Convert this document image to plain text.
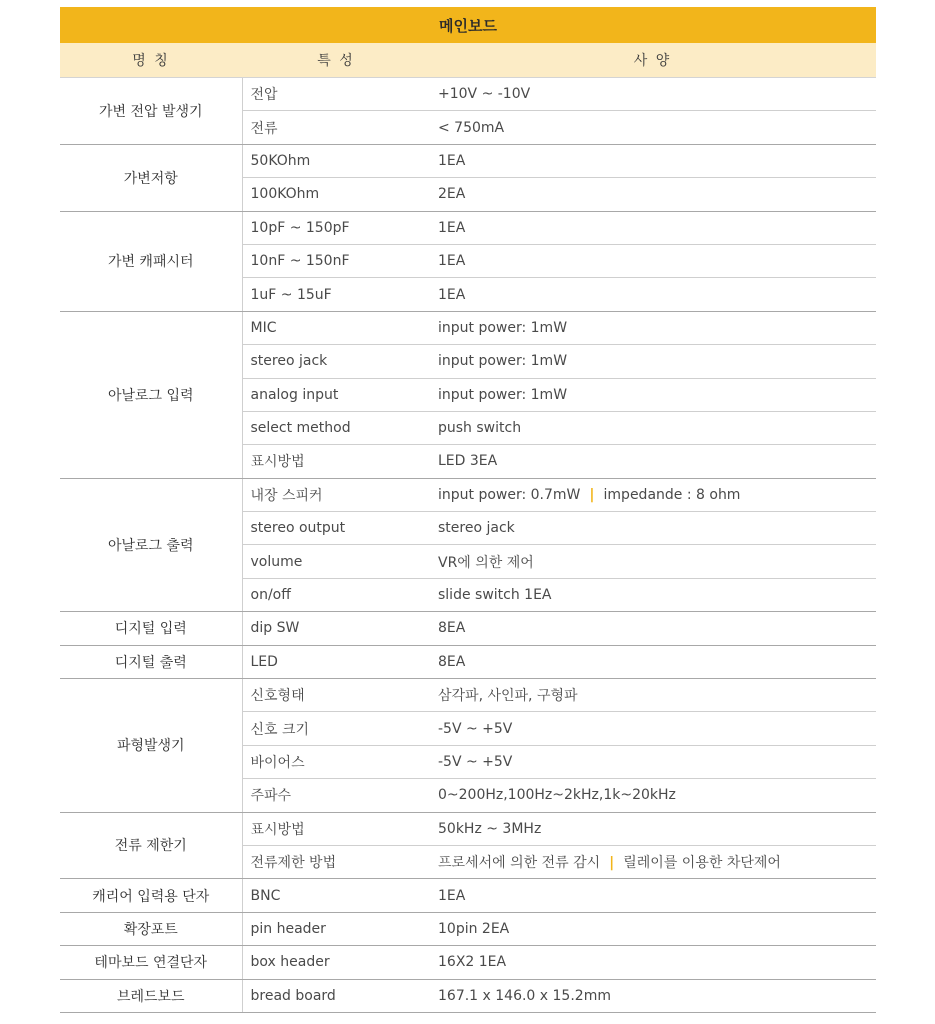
메인보드
명 칭	특 성	사 양
가변 전압 발생기	전압	+10V ~ -10V
	전류	< 750mA
가변저항	50KOhm	1EA
	100KOhm	2EA
가변 캐패시터	10pF ~ 150pF	1EA
	10nF ~ 150nF	1EA
	1uF ~ 15uF	1EA
아날로그 입력	MIC	input power: 1mW
	stereo jack	input power: 1mW
	analog input	input power: 1mW
	select method	push switch
	표시방법	LED 3EA
아날로그 출력	내장 스피커	input power: 0.7mW | impedande : 8 ohm
	stereo output	stereo jack
	volume	VR에 의한 제어
	on/off	slide switch 1EA
디지털 입력	dip SW	8EA
디지털 출력	LED	8EA
파형발생기	신호형태	삼각파, 사인파, 구형파
	신호 크기	-5V ~ +5V
	바이어스	-5V ~ +5V
	주파수	0~200Hz,100Hz~2kHz,1k~20kHz
전류 제한기	표시방법	50kHz ~ 3MHz
	전류제한 방법	프로세서에 의한 전류 감시 | 릴레이를 이용한 차단제어
캐리어 입력용 단자	BNC	1EA
확장포트	pin header	10pin 2EA
테마보드 연결단자	box header	16X2 1EA
브레드보드	bread board	167.1 x 146.0 x 15.2mm
